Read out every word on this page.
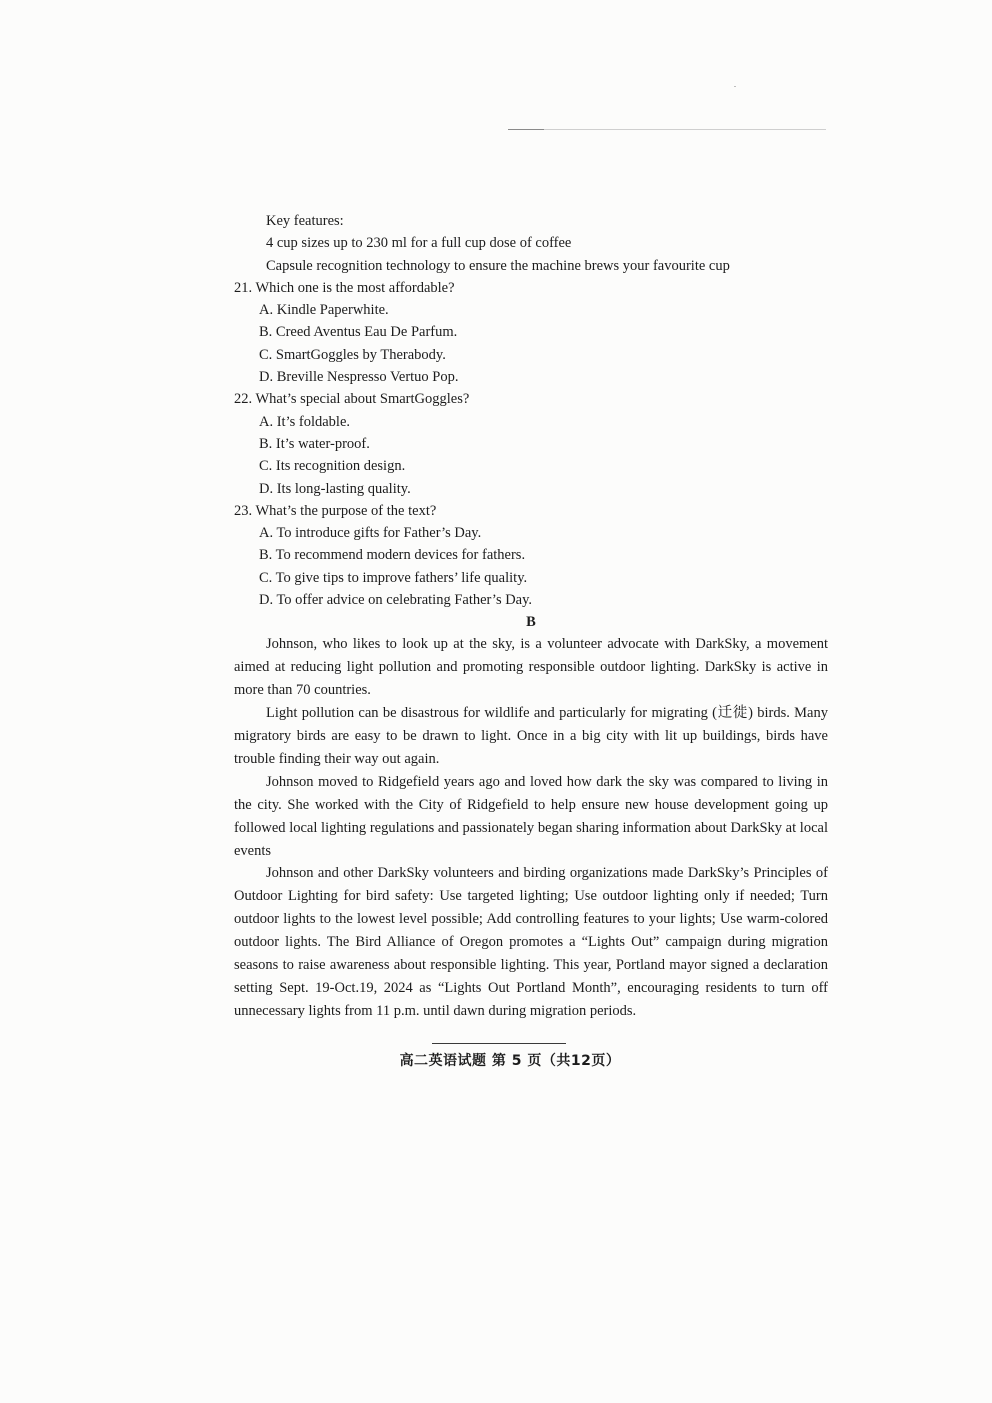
Key features:
4 cup sizes up to 230 ml for a full cup dose of coffee
Capsule recognition technology to ensure the machine brews your favourite cup
21. Which one is the most affordable?
A. Kindle Paperwhite.
B. Creed Aventus Eau De Parfum.
C. SmartGoggles by Therabody.
D. Breville Nespresso Vertuo Pop.
22. What’s special about SmartGoggles?
A. It’s foldable.
B. It’s water-proof.
C. Its recognition design.
D. Its long-lasting quality.
23. What’s the purpose of the text?
A. To introduce gifts for Father’s Day.
B. To recommend modern devices for fathers.
C. To give tips to improve fathers’ life quality.
D. To offer advice on celebrating Father’s Day.
B

Johnson, who likes to look up at the sky, is a volunteer advocate with DarkSky, a movement aimed at reducing light pollution and promoting responsible outdoor lighting. DarkSky is active in more than 70 countries.

Light pollution can be disastrous for wildlife and particularly for migrating (迁徙) birds. Many migratory birds are easy to be drawn to light. Once in a big city with lit up buildings, birds have trouble finding their way out again.

Johnson moved to Ridgefield years ago and loved how dark the sky was compared to living in the city. She worked with the City of Ridgefield to help ensure new house development going up followed local lighting regulations and passionately began sharing information about DarkSky at local events

Johnson and other DarkSky volunteers and birding organizations made DarkSky’s Principles of Outdoor Lighting for bird safety: Use targeted lighting; Use outdoor lighting only if needed; Turn outdoor lights to the lowest level possible; Add controlling features to your lights; Use warm-colored outdoor lights. The Bird Alliance of Oregon promotes a “Lights Out” campaign during migration seasons to raise awareness about responsible lighting. This year, Portland mayor signed a declaration setting Sept. 19-Oct.19, 2024 as “Lights Out Portland Month”, encouraging residents to turn off unnecessary lights from 11 p.m. until dawn during migration periods.

高二英语试题 第 5 页（共12页）
